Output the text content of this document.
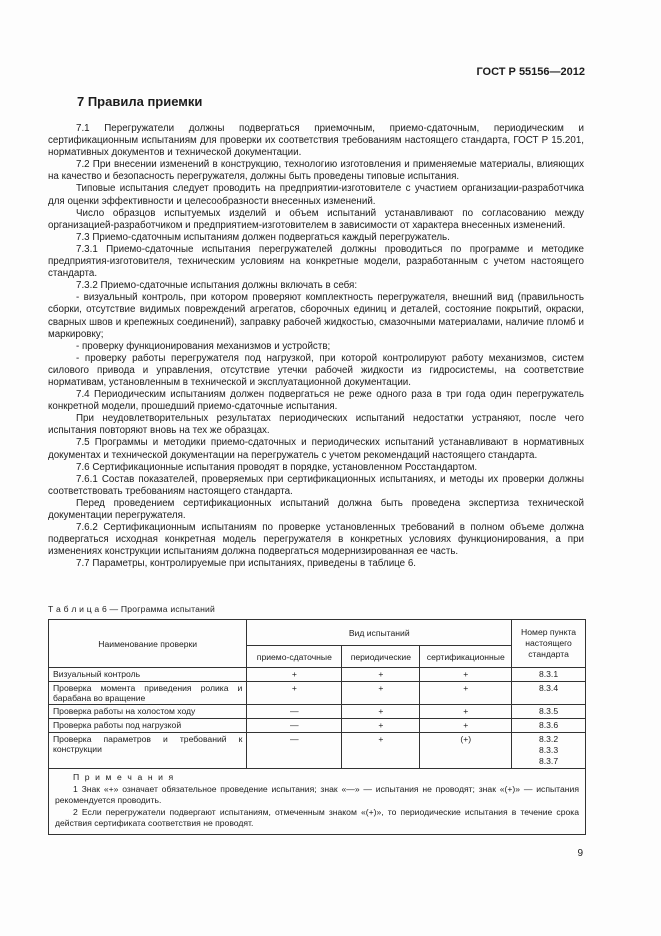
ГОСТ Р 55156—2012
7 Правила приемки

7.1 Перегружатели должны подвергаться приемочным, приемо-сдаточным, периодическим и сертификационным испытаниям для проверки их соответствия требованиям настоящего стандарта, ГОСТ Р 15.201, нормативных документов и технической документации.

7.2 При внесении изменений в конструкцию, технологию изготовления и применяемые материалы, влияющих на качество и безопасность перегружателя, должны быть проведены типовые испытания.

Типовые испытания следует проводить на предприятии-изготовителе с участием организации-разработчика для оценки эффективности и целесообразности внесенных изменений.

Число образцов испытуемых изделий и объем испытаний устанавливают по согласованию между организацией-разработчиком и предприятием-изготовителем в зависимости от характера внесенных изменений.

7.3 Приемо-сдаточным испытаниям должен подвергаться каждый перегружатель.

7.3.1 Приемо-сдаточные испытания перегружателей должны проводиться по программе и методике предприятия-изготовителя, техническим условиям на конкретные модели, разработанным с учетом настоящего стандарта.

7.3.2 Приемо-сдаточные испытания должны включать в себя:

- визуальный контроль, при котором проверяют комплектность перегружателя, внешний вид (правильность сборки, отсутствие видимых повреждений агрегатов, сборочных единиц и деталей, состояние покрытий, окраски, сварных швов и крепежных соединений), заправку рабочей жидкостью, смазочными материалами, наличие пломб и маркировку;

- проверку функционирования механизмов и устройств;

- проверку работы перегружателя под нагрузкой, при которой контролируют работу механизмов, систем силового привода и управления, отсутствие утечки рабочей жидкости из гидросистемы, на соответствие нормативам, установленным в технической и эксплуатационной документации.

7.4 Периодическим испытаниям должен подвергаться не реже одного раза в три года один перегружатель конкретной модели, прошедший приемо-сдаточные испытания.

При неудовлетворительных результатах периодических испытаний недостатки устраняют, после чего испытания повторяют вновь на тех же образцах.

7.5 Программы и методики приемо-сдаточных и периодических испытаний устанавливают в нормативных документах и технической документации на перегружатель с учетом рекомендаций настоящего стандарта.

7.6 Сертификационные испытания проводят в порядке, установленном Росстандартом.

7.6.1 Состав показателей, проверяемых при сертификационных испытаниях, и методы их проверки должны соответствовать требованиям настоящего стандарта.

Перед проведением сертификационных испытаний должна быть проведена экспертиза технической документации перегружателя.

7.6.2 Сертификационным испытаниям по проверке установленных требований в полном объеме должна подвергаться исходная конкретная модель перегружателя в конкретных условиях функционирования, а при изменениях конструкции испытаниям должна подвергаться модернизированная ее часть.

7.7 Параметры, контролируемые при испытаниях, приведены в таблице 6.

Т а б л и ц а 6 — Программа испытаний
Наименование проверки	Вид испытаний			Номер пункта настоящего стандарта
	приемо-сдаточные	периодические	сертификационные	
Визуальный контроль	+	+	+	8.3.1
Проверка момента приведения ролика и барабана во вращение	+	+	+	8.3.4
Проверка работы на холостом ходу	—	+	+	8.3.5
Проверка работы под нагрузкой	—	+	+	8.3.6
Проверка параметров и требований к конструкции	—	+	(+)	8.3.2
8.3.3
8.3.7

П р и м е ч а н и я
1 Знак «+» означает обязательное проведение испытания; знак «—» — испытания не проводят; знак «(+)» — испытания рекомендуется проводить.
2 Если перегружатели подвергают испытаниям, отмеченным знаком «(+)», то периодические испытания в течение срока действия сертификата соответствия не проводят.				
9
